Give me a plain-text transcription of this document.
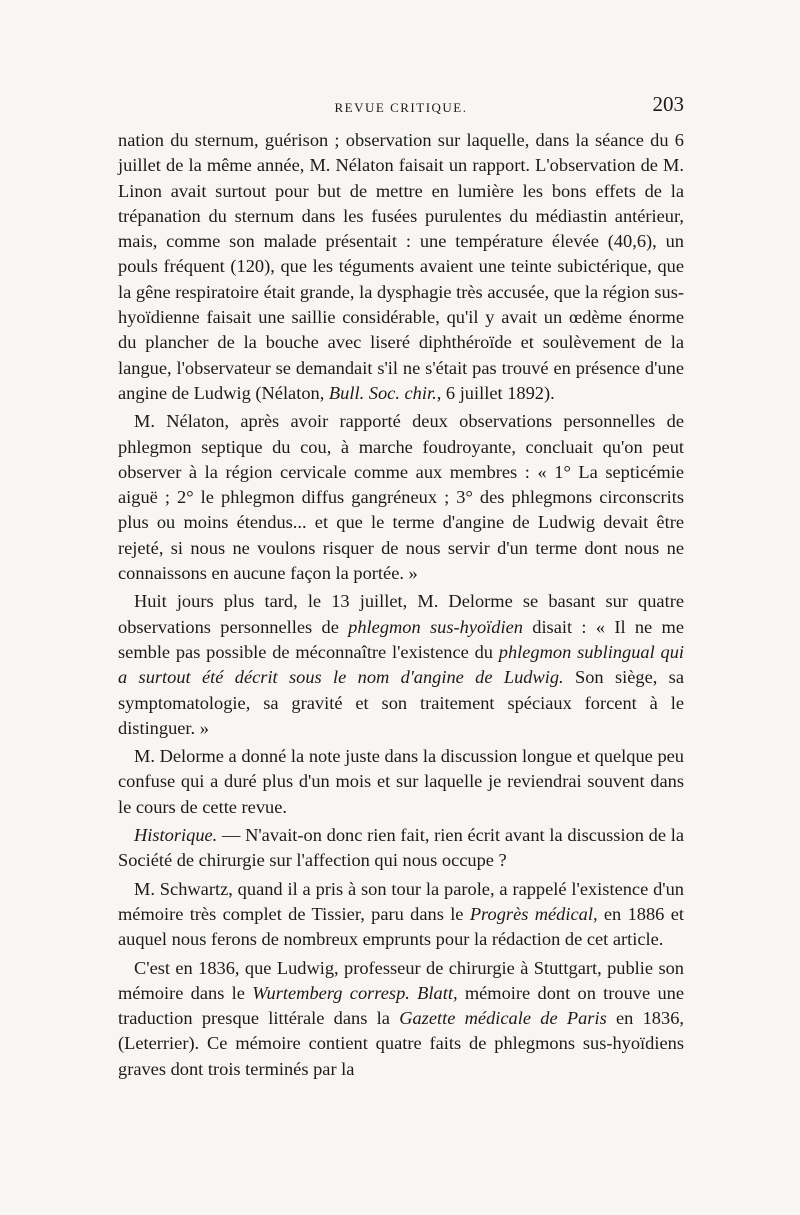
REVUE CRITIQUE.	203

nation du sternum, guérison ; observation sur laquelle, dans la séance du 6 juillet de la même année, M. Nélaton faisait un rapport. L'observation de M. Linon avait surtout pour but de mettre en lumière les bons effets de la trépanation du sternum dans les fusées purulentes du médiastin antérieur, mais, comme son malade présentait : une température élevée (40,6), un pouls fréquent (120), que les téguments avaient une teinte subictérique, que la gêne respiratoire était grande, la dysphagie très accusée, que la région sus-hyoïdienne faisait une saillie considérable, qu'il y avait un œdème énorme du plancher de la bouche avec liseré diphthéroïde et soulèvement de la langue, l'observateur se demandait s'il ne s'était pas trouvé en présence d'une angine de Ludwig (Nélaton, Bull. Soc. chir., 6 juillet 1892).

M. Nélaton, après avoir rapporté deux observations personnelles de phlegmon septique du cou, à marche foudroyante, concluait qu'on peut observer à la région cervicale comme aux membres : « 1° La septicémie aiguë ; 2° le phlegmon diffus gangréneux ; 3° des phlegmons circonscrits plus ou moins étendus... et que le terme d'angine de Ludwig devait être rejeté, si nous ne voulons risquer de nous servir d'un terme dont nous ne connaissons en aucune façon la portée. »

Huit jours plus tard, le 13 juillet, M. Delorme se basant sur quatre observations personnelles de phlegmon sus-hyoïdien disait : « Il ne me semble pas possible de méconnaître l'existence du phlegmon sublingual qui a surtout été décrit sous le nom d'angine de Ludwig. Son siège, sa symptomatologie, sa gravité et son traitement spéciaux forcent à le distinguer. »

M. Delorme a donné la note juste dans la discussion longue et quelque peu confuse qui a duré plus d'un mois et sur laquelle je reviendrai souvent dans le cours de cette revue.

Historique. — N'avait-on donc rien fait, rien écrit avant la discussion de la Société de chirurgie sur l'affection qui nous occupe ?

M. Schwartz, quand il a pris à son tour la parole, a rappelé l'existence d'un mémoire très complet de Tissier, paru dans le Progrès médical, en 1886 et auquel nous ferons de nombreux emprunts pour la rédaction de cet article.

C'est en 1836, que Ludwig, professeur de chirurgie à Stuttgart, publie son mémoire dans le Wurtemberg corresp. Blatt, mémoire dont on trouve une traduction presque littérale dans la Gazette médicale de Paris en 1836, (Leterrier). Ce mémoire contient quatre faits de phlegmons sus-hyoïdiens graves dont trois terminés par la
